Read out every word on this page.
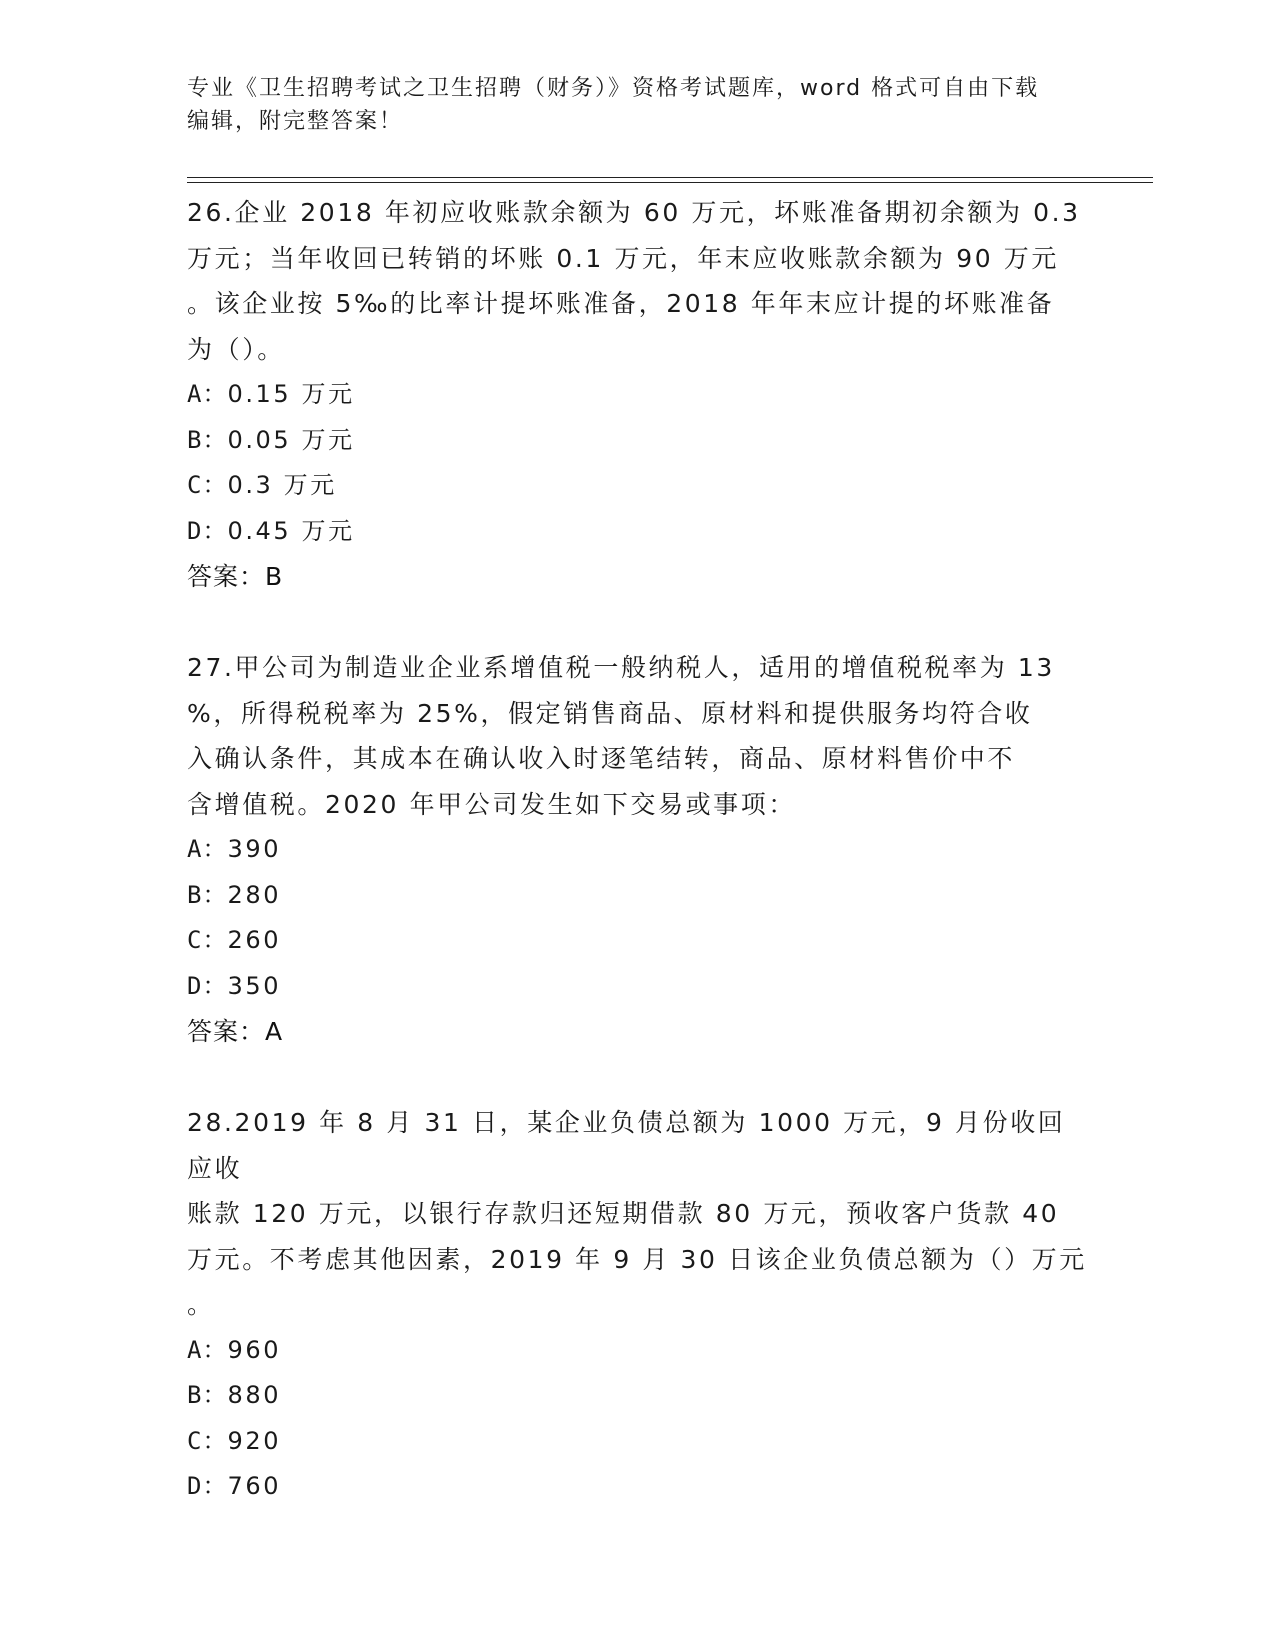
专业《卫生招聘考试之卫生招聘（财务）》资格考试题库，word 格式可自由下载
编辑，附完整答案！

26.企业 2018 年初应收账款余额为 60 万元，坏账准备期初余额为 0.3

万元；当年收回已转销的坏账 0.1 万元，年末应收账款余额为 90 万元

。该企业按 5‰的比率计提坏账准备，2018 年年末应计提的坏账准备

为（）。

A：0.15 万元

B：0.05 万元

C：0.3 万元

D：0.45 万元

答案：B

27.甲公司为制造业企业系增值税一般纳税人，适用的增值税税率为 13

%，所得税税率为 25%，假定销售商品、原材料和提供服务均符合收

入确认条件，其成本在确认收入时逐笔结转，商品、原材料售价中不

含增值税。2020 年甲公司发生如下交易或事项：

A：390

B：280

C：260

D：350

答案：A

28.2019 年 8 月 31 日，某企业负债总额为 1000 万元，9 月份收回应收

账款 120 万元，以银行存款归还短期借款 80 万元，预收客户货款 40

万元。不考虑其他因素，2019 年 9 月 30 日该企业负债总额为（）万元

。

A：960

B：880

C：920

D：760
